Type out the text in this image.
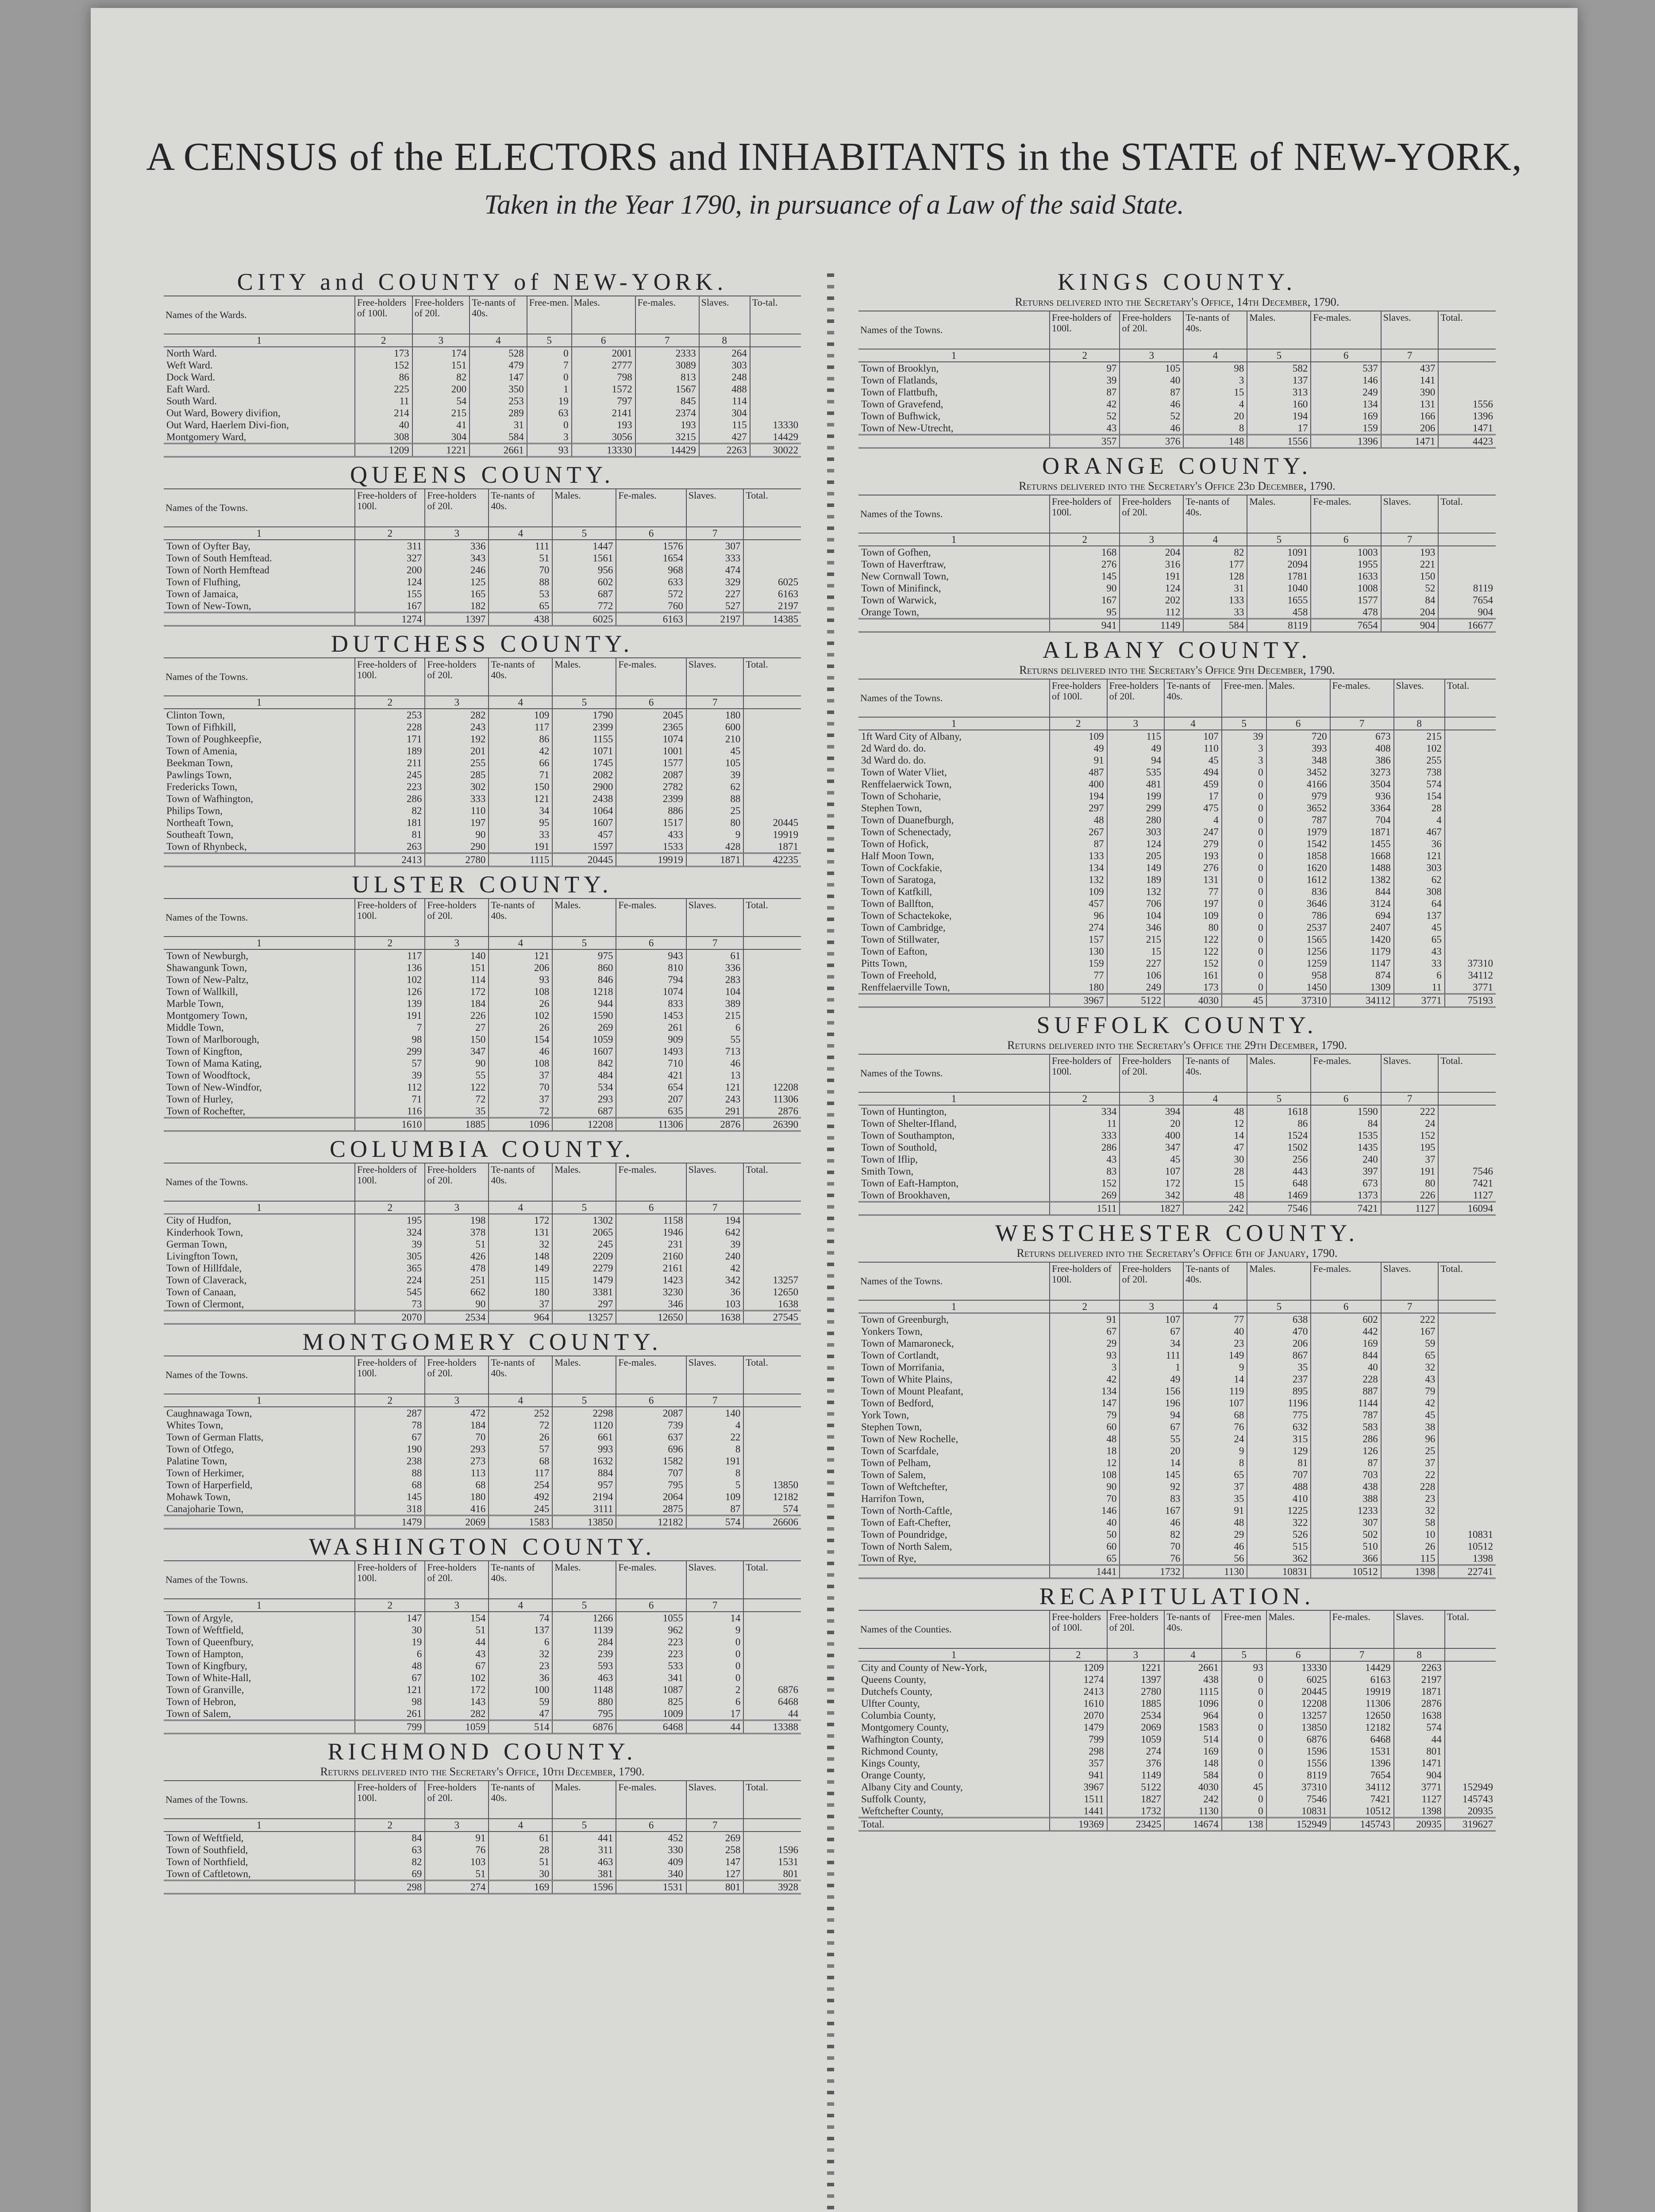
A CENSUS of the ELECTORS and INHABITANTS in the STATE of NEW-YORK,
Taken in the Year 1790, in pursuance of a Law of the said State.
CITY and COUNTY of NEW-YORK.
Names of the Wards.	Free-holders of 100l.	Free-holders of 20l.	Te-nants of 40s.	Free-men.	Males.	Fe-males.	Slaves.	To-tal.
1	2	3	4	5	6	7	8	
North Ward.	173	174	528	0	2001	2333	264	
Weft Ward.	152	151	479	7	2777	3089	303	
Dock Ward.	86	82	147	0	798	813	248	
Eaft Ward.	225	200	350	1	1572	1567	488	
South Ward.	11	54	253	19	797	845	114	
Out Ward, Bowery divifion,	214	215	289	63	2141	2374	304	
Out Ward, Haerlem Divi-fion,	40	41	31	0	193	193	115	13330
Montgomery Ward,	308	304	584	3	3056	3215	427	14429
	1209	1221	2661	93	13330	14429	2263	30022
QUEENS COUNTY.
Names of the Towns.	Free-holders of 100l.	Free-holders of 20l.	Te-nants of 40s.	Males.	Fe-males.	Slaves.	Total.
1	2	3	4	5	6	7	
Town of Oyfter Bay,	311	336	111	1447	1576	307	
Town of South Hemftead.	327	343	51	1561	1654	333	
Town of North Hemftead	200	246	70	956	968	474	
Town of Flufhing,	124	125	88	602	633	329	6025
Town of Jamaica,	155	165	53	687	572	227	6163
Town of New-Town,	167	182	65	772	760	527	2197
	1274	1397	438	6025	6163	2197	14385
DUTCHESS COUNTY.
Names of the Towns.	Free-holders of 100l.	Free-holders of 20l.	Te-nants of 40s.	Males.	Fe-males.	Slaves.	Total.
1	2	3	4	5	6	7	
Clinton Town,	253	282	109	1790	2045	180	
Town of Fifhkill,	228	243	117	2399	2365	600	
Town of Poughkeepfie,	171	192	86	1155	1074	210	
Town of Amenia,	189	201	42	1071	1001	45	
Beekman Town,	211	255	66	1745	1577	105	
Pawlings Town,	245	285	71	2082	2087	39	
Fredericks Town,	223	302	150	2900	2782	62	
Town of Wafhington,	286	333	121	2438	2399	88	
Philips Town,	82	110	34	1064	886	25	
Northeaft Town,	181	197	95	1607	1517	80	20445
Southeaft Town,	81	90	33	457	433	9	19919
Town of Rhynbeck,	263	290	191	1597	1533	428	1871
	2413	2780	1115	20445	19919	1871	42235
ULSTER COUNTY.
Names of the Towns.	Free-holders of 100l.	Free-holders of 20l.	Te-nants of 40s.	Males.	Fe-males.	Slaves.	Total.
1	2	3	4	5	6	7	
Town of Newburgh,	117	140	121	975	943	61	
Shawangunk Town,	136	151	206	860	810	336	
Town of New-Paltz,	102	114	93	846	794	283	
Town of Wallkill,	126	172	108	1218	1074	104	
Marble Town,	139	184	26	944	833	389	
Montgomery Town,	191	226	102	1590	1453	215	
Middle Town,	7	27	26	269	261	6	
Town of Marlborough,	98	150	154	1059	909	55	
Town of Kingfton,	299	347	46	1607	1493	713	
Town of Mama Kating,	57	90	108	842	710	46	
Town of Woodftock,	39	55	37	484	421	13	
Town of New-Windfor,	112	122	70	534	654	121	12208
Town of Hurley,	71	72	37	293	207	243	11306
Town of Rochefter,	116	35	72	687	635	291	2876
	1610	1885	1096	12208	11306	2876	26390
COLUMBIA COUNTY.
Names of the Towns.	Free-holders of 100l.	Free-holders of 20l.	Te-nants of 40s.	Males.	Fe-males.	Slaves.	Total.
1	2	3	4	5	6	7	
City of Hudfon,	195	198	172	1302	1158	194	
Kinderhook Town,	324	378	131	2065	1946	642	
German Town,	39	51	32	245	231	39	
Livingfton Town,	305	426	148	2209	2160	240	
Town of Hillfdale,	365	478	149	2279	2161	42	
Town of Claverack,	224	251	115	1479	1423	342	13257
Town of Canaan,	545	662	180	3381	3230	36	12650
Town of Clermont,	73	90	37	297	346	103	1638
	2070	2534	964	13257	12650	1638	27545
MONTGOMERY COUNTY.
Names of the Towns.	Free-holders of 100l.	Free-holders of 20l.	Te-nants of 40s.	Males.	Fe-males.	Slaves.	Total.
1	2	3	4	5	6	7	
Caughnawaga Town,	287	472	252	2298	2087	140	
Whites Town,	78	184	72	1120	739	4	
Town of German Flatts,	67	70	26	661	637	22	
Town of Otfego,	190	293	57	993	696	8	
Palatine Town,	238	273	68	1632	1582	191	
Town of Herkimer,	88	113	117	884	707	8	
Town of Harperfield,	68	68	254	957	795	5	13850
Mohawk Town,	145	180	492	2194	2064	109	12182
Canajoharie Town,	318	416	245	3111	2875	87	574
	1479	2069	1583	13850	12182	574	26606
WASHINGTON COUNTY.
Names of the Towns.	Free-holders of 100l.	Free-holders of 20l.	Te-nants of 40s.	Males.	Fe-males.	Slaves.	Total.
1	2	3	4	5	6	7	
Town of Argyle,	147	154	74	1266	1055	14	
Town of Weftfield,	30	51	137	1139	962	9	
Town of Queenfbury,	19	44	6	284	223	0	
Town of Hampton,	6	43	32	239	223	0	
Town of Kingfbury,	48	67	23	593	533	0	
Town of White-Hall,	67	102	36	463	341	0	
Town of Granville,	121	172	100	1148	1087	2	6876
Town of Hebron,	98	143	59	880	825	6	6468
Town of Salem,	261	282	47	795	1009	17	44
	799	1059	514	6876	6468	44	13388
RICHMOND COUNTY.
Returns delivered into the Secretary's Office, 10th December, 1790.
Names of the Towns.	Free-holders of 100l.	Free-holders of 20l.	Te-nants of 40s.	Males.	Fe-males.	Slaves.	Total.
1	2	3	4	5	6	7	
Town of Weftfield,	84	91	61	441	452	269	
Town of Southfield,	63	76	28	311	330	258	1596
Town of Northfield,	82	103	51	463	409	147	1531
Town of Caftletown,	69	51	30	381	340	127	801
	298	274	169	1596	1531	801	3928
KINGS COUNTY.
Returns delivered into the Secretary's Office, 14th December, 1790.
Names of the Towns.	Free-holders of 100l.	Free-holders of 20l.	Te-nants of 40s.	Males.	Fe-males.	Slaves.	Total.
1	2	3	4	5	6	7	
Town of Brooklyn,	97	105	98	582	537	437	
Town of Flatlands,	39	40	3	137	146	141	
Town of Flattbufh,	87	87	15	313	249	390	
Town of Gravefend,	42	46	4	160	134	131	1556
Town of Bufhwick,	52	52	20	194	169	166	1396
Town of New-Utrecht,	43	46	8	17	159	206	1471
	357	376	148	1556	1396	1471	4423
ORANGE COUNTY.
Returns delivered into the Secretary's Office 23d December, 1790.
Names of the Towns.	Free-holders of 100l.	Free-holders of 20l.	Te-nants of 40s.	Males.	Fe-males.	Slaves.	Total.
1	2	3	4	5	6	7	
Town of Gofhen,	168	204	82	1091	1003	193	
Town of Haverftraw,	276	316	177	2094	1955	221	
New Cornwall Town,	145	191	128	1781	1633	150	
Town of Minifinck,	90	124	31	1040	1008	52	8119
Town of Warwick,	167	202	133	1655	1577	84	7654
Orange Town,	95	112	33	458	478	204	904
	941	1149	584	8119	7654	904	16677
ALBANY COUNTY.
Returns delivered into the Secretary's Office 9th December, 1790.
Names of the Towns.	Free-holders of 100l.	Free-holders of 20l.	Te-nants of 40s.	Free-men.	Males.	Fe-males.	Slaves.	Total.
1	2	3	4	5	6	7	8	
1ft Ward City of Albany,	109	115	107	39	720	673	215	
2d Ward do. do.	49	49	110	3	393	408	102	
3d Ward do. do.	91	94	45	3	348	386	255	
Town of Water Vliet,	487	535	494	0	3452	3273	738	
Renffelaerwick Town,	400	481	459	0	4166	3504	574	
Town of Schoharie,	194	199	17	0	979	936	154	
Stephen Town,	297	299	475	0	3652	3364	28	
Town of Duanefburgh,	48	280	4	0	787	704	4	
Town of Schenectady,	267	303	247	0	1979	1871	467	
Town of Hofick,	87	124	279	0	1542	1455	36	
Half Moon Town,	133	205	193	0	1858	1668	121	
Town of Cockfakie,	134	149	276	0	1620	1488	303	
Town of Saratoga,	132	189	131	0	1612	1382	62	
Town of Katfkill,	109	132	77	0	836	844	308	
Town of Ballfton,	457	706	197	0	3646	3124	64	
Town of Schactekoke,	96	104	109	0	786	694	137	
Town of Cambridge,	274	346	80	0	2537	2407	45	
Town of Stillwater,	157	215	122	0	1565	1420	65	
Town of Eafton,	130	15	122	0	1256	1179	43	
Pitts Town,	159	227	152	0	1259	1147	33	37310
Town of Freehold,	77	106	161	0	958	874	6	34112
Renffelaerville Town,	180	249	173	0	1450	1309	11	3771
	3967	5122	4030	45	37310	34112	3771	75193
SUFFOLK COUNTY.
Returns delivered into the Secretary's Office the 29th December, 1790.
Names of the Towns.	Free-holders of 100l.	Free-holders of 20l.	Te-nants of 40s.	Males.	Fe-males.	Slaves.	Total.
1	2	3	4	5	6	7	
Town of Huntington,	334	394	48	1618	1590	222	
Town of Shelter-Ifland,	11	20	12	86	84	24	
Town of Southampton,	333	400	14	1524	1535	152	
Town of Southold,	286	347	47	1502	1435	195	
Town of Iflip,	43	45	30	256	240	37	
Smith Town,	83	107	28	443	397	191	7546
Town of Eaft-Hampton,	152	172	15	648	673	80	7421
Town of Brookhaven,	269	342	48	1469	1373	226	1127
	1511	1827	242	7546	7421	1127	16094
WESTCHESTER COUNTY.
Returns delivered into the Secretary's Office 6th of January, 1790.
Names of the Towns.	Free-holders of 100l.	Free-holders of 20l.	Te-nants of 40s.	Males.	Fe-males.	Slaves.	Total.
1	2	3	4	5	6	7	
Town of Greenburgh,	91	107	77	638	602	222	
Yonkers Town,	67	67	40	470	442	167	
Town of Mamaroneck,	29	34	23	206	169	59	
Town of Cortlandt,	93	111	149	867	844	65	
Town of Morrifania,	3	1	9	35	40	32	
Town of White Plains,	42	49	14	237	228	43	
Town of Mount Pleafant,	134	156	119	895	887	79	
Town of Bedford,	147	196	107	1196	1144	42	
York Town,	79	94	68	775	787	45	
Stephen Town,	60	67	76	632	583	38	
Town of New Rochelle,	48	55	24	315	286	96	
Town of Scarfdale,	18	20	9	129	126	25	
Town of Pelham,	12	14	8	81	87	37	
Town of Salem,	108	145	65	707	703	22	
Town of Weftchefter,	90	92	37	488	438	228	
Harrifon Town,	70	83	35	410	388	23	
Town of North-Caftle,	146	167	91	1225	1233	32	
Town of Eaft-Chefter,	40	46	48	322	307	58	
Town of Poundridge,	50	82	29	526	502	10	10831
Town of North Salem,	60	70	46	515	510	26	10512
Town of Rye,	65	76	56	362	366	115	1398
	1441	1732	1130	10831	10512	1398	22741
RECAPITULATION.
Names of the Counties.	Free-holders of 100l.	Free-holders of 20l.	Te-nants of 40s.	Free-men	Males.	Fe-males.	Slaves.	Total.
1	2	3	4	5	6	7	8	
City and County of New-York,	1209	1221	2661	93	13330	14429	2263	
Queens County,	1274	1397	438	0	6025	6163	2197	
Dutchefs County,	2413	2780	1115	0	20445	19919	1871	
Ulfter County,	1610	1885	1096	0	12208	11306	2876	
Columbia County,	2070	2534	964	0	13257	12650	1638	
Montgomery County,	1479	2069	1583	0	13850	12182	574	
Wafhington County,	799	1059	514	0	6876	6468	44	
Richmond County,	298	274	169	0	1596	1531	801	
Kings County,	357	376	148	0	1556	1396	1471	
Orange County,	941	1149	584	0	8119	7654	904	
Albany City and County,	3967	5122	4030	45	37310	34112	3771	152949
Suffolk County,	1511	1827	242	0	7546	7421	1127	145743
Weftchefter County,	1441	1732	1130	0	10831	10512	1398	20935
Total.	19369	23425	14674	138	152949	145743	20935	319627
